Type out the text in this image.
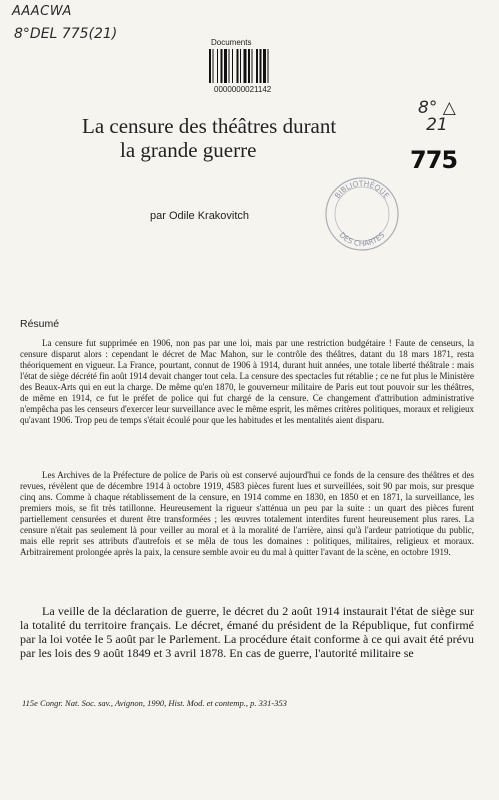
AAACWA
8°DEL 775(21)
8° △
21
775
Documents
0000000021142
BIBLIOTHÈQUE
DES CHARTES
La censure des théâtres durant
la grande guerre
par Odile Krakovitch
Résumé

La censure fut supprimée en 1906, non pas par une loi, mais par une restriction budgétaire ! Faute de censeurs, la censure disparut alors : cependant le décret de Mac Mahon, sur le contrôle des théâtres, datant du 18 mars 1871, resta théoriquement en vigueur. La France, pourtant, connut de 1906 à 1914, durant huit années, une totale liberté théâtrale : mais l'état de siège décrété fin août 1914 devait changer tout cela. La censure des spectacles fut rétablie ; ce ne fut plus le Ministère des Beaux-Arts qui en eut la charge. De même qu'en 1870, le gouverneur militaire de Paris eut tout pouvoir sur les théâtres, de même en 1914, ce fut le préfet de police qui fut chargé de la censure. Ce changement d'attribution administrative n'empêcha pas les censeurs d'exercer leur surveillance avec le même esprit, les mêmes critères politiques, moraux et religieux qu'avant 1906. Trop peu de temps s'était écoulé pour que les habitudes et les mentalités aient disparu.

Les Archives de la Préfecture de police de Paris où est conservé aujourd'hui ce fonds de la censure des théâtres et des revues, révèlent que de décembre 1914 à octobre 1919, 4583 pièces furent lues et surveillées, soit 90 par mois, sur presque cinq ans. Comme à chaque rétablissement de la censure, en 1914 comme en 1830, en 1850 et en 1871, la surveillance, les premiers mois, se fit très tatillonne. Heureusement la rigueur s'atténua un peu par la suite : un quart des pièces furent partiellement censurées et durent être transformées ; les œuvres totalement interdites furent heureusement plus rares. La censure n'était pas seulement là pour veiller au moral et à la moralité de l'arrière, ainsi qu'à l'ardeur patriotique du public, mais elle reprit ses attributs d'autrefois et se mêla de tous les domaines : politiques, militaires, religieux et moraux. Arbitrairement prolongée après la paix, la censure semble avoir eu du mal à quitter l'avant de la scène, en octobre 1919.

La veille de la déclaration de guerre, le décret du 2 août 1914 instaurait l'état de siège sur la totalité du territoire français. Le décret, émané du président de la République, fut confirmé par la loi votée le 5 août par le Parlement. La procédure était conforme à ce qui avait été prévu par les lois des 9 août 1849 et 3 avril 1878. En cas de guerre, l'autorité militaire se

115e Congr. Nat. Soc. sav., Avignon, 1990, Hist. Mod. et contemp., p. 331-353
